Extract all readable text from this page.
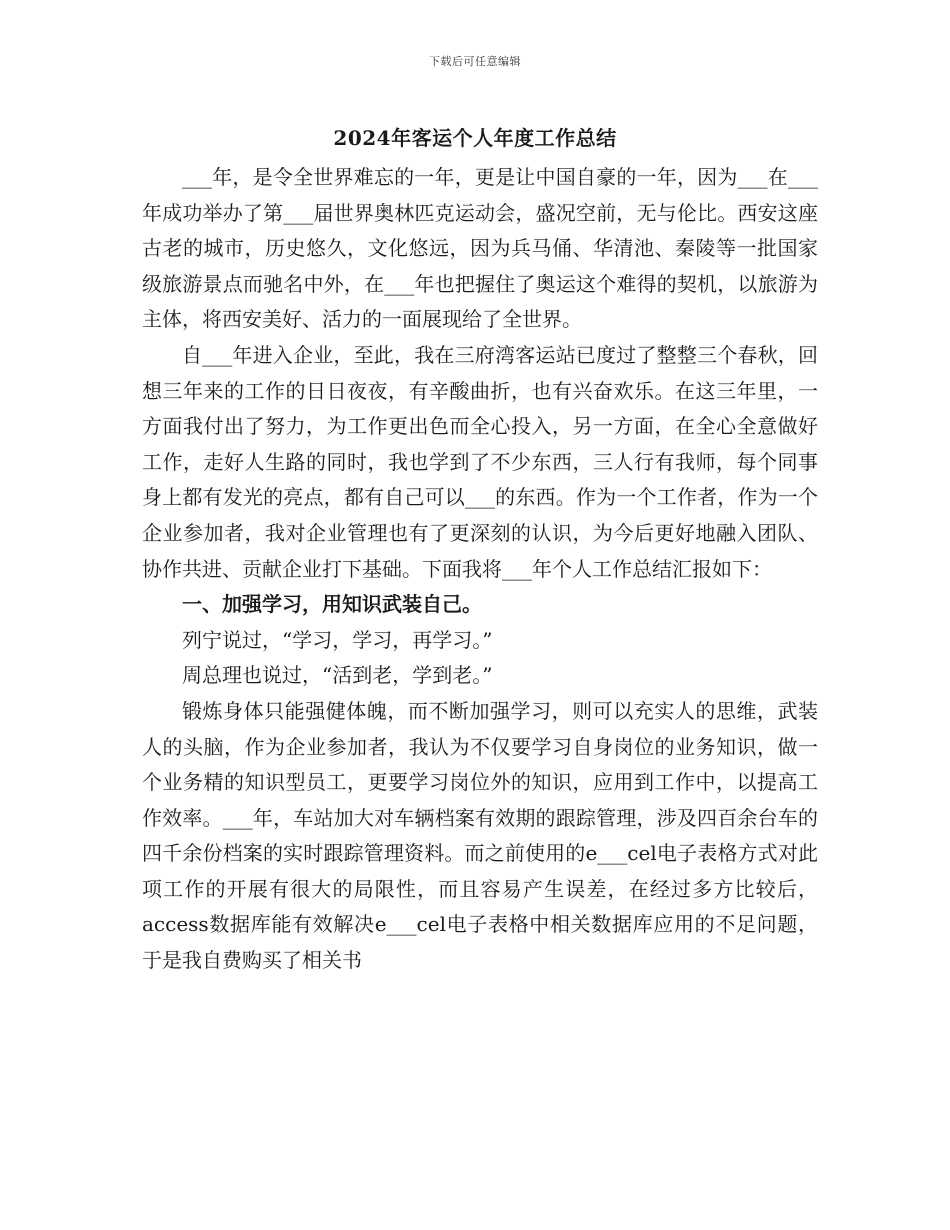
下载后可任意编辑
2024年客运个人年度工作总结

___年，是令全世界难忘的一年，更是让中国自豪的一年，因为___在___年成功举办了第___届世界奥林匹克运动会，盛况空前，无与伦比。西安这座古老的城市，历史悠久，文化悠远，因为兵马俑、华清池、秦陵等一批国家级旅游景点而驰名中外，在___年也把握住了奥运这个难得的契机，以旅游为主体，将西安美好、活力的一面展现给了全世界。

自___年进入企业，至此，我在三府湾客运站已度过了整整三个春秋，回想三年来的工作的日日夜夜，有辛酸曲折，也有兴奋欢乐。在这三年里，一方面我付出了努力，为工作更出色而全心投入，另一方面，在全心全意做好工作，走好人生路的同时，我也学到了不少东西，三人行有我师，每个同事身上都有发光的亮点，都有自己可以___的东西。作为一个工作者，作为一个企业参加者，我对企业管理也有了更深刻的认识，为今后更好地融入团队、协作共进、贡献企业打下基础。下面我将___年个人工作总结汇报如下：

一、加强学习，用知识武装自己。

列宁说过，“学习，学习，再学习。”

周总理也说过，“活到老，学到老。”

锻炼身体只能强健体魄，而不断加强学习，则可以充实人的思维，武装人的头脑，作为企业参加者，我认为不仅要学习自身岗位的业务知识，做一个业务精的知识型员工，更要学习岗位外的知识，应用到工作中，以提高工作效率。___年，车站加大对车辆档案有效期的跟踪管理，涉及四百余台车的四千余份档案的实时跟踪管理资料。而之前使用的e___cel电子表格方式对此项工作的开展有很大的局限性，而且容易产生误差，在经过多方比较后，access数据库能有效解决e___cel电子表格中相关数据库应用的不足问题，于是我自费购买了相关书
